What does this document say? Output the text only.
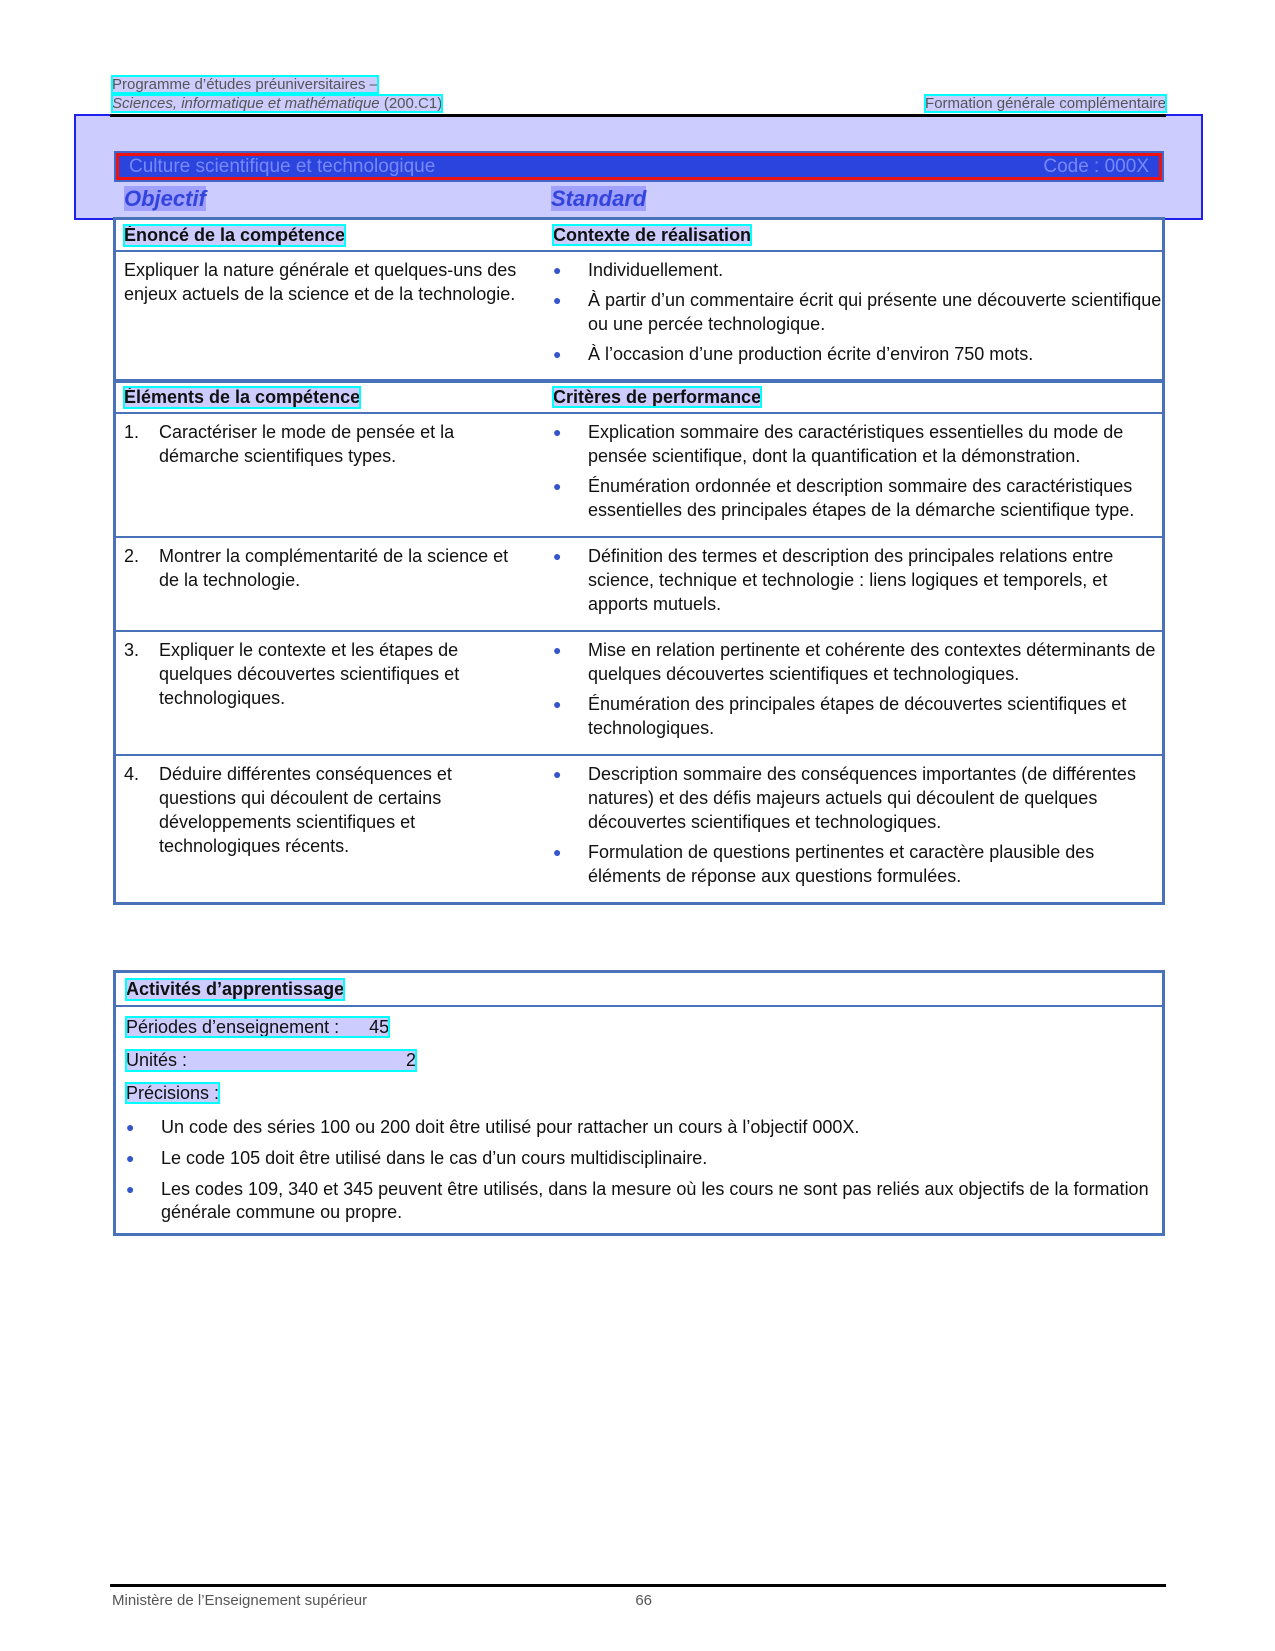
Programme d’études préuniversitaires –
Sciences, informatique et mathématique (200.C1)	Formation générale complémentaire
Culture scientifique et technologique	Code : 000X
Objectif	Standard
Énoncé de la compétence	Contexte de réalisation
Expliquer la nature générale et quelques-uns des enjeux actuels de la science et de la technologie.
●	Individuellement.
●	À partir d’un commentaire écrit qui présente une découverte scientifique ou une percée technologique.
●	À l’occasion d’une production écrite d’environ 750 mots.
Éléments de la compétence	Critères de performance
1.	Caractériser le mode de pensée et la démarche scientifiques types.
●	Explication sommaire des caractéristiques essentielles du mode de pensée scientifique, dont la quantification et la démonstration.
●	Énumération ordonnée et description sommaire des caractéristiques essentielles des principales étapes de la démarche scientifique type.
2.	Montrer la complémentarité de la science et de la technologie.
●	Définition des termes et description des principales relations entre science, technique et technologie : liens logiques et temporels, et apports mutuels.
3.	Expliquer le contexte et les étapes de quelques découvertes scientifiques et technologiques.
●	Mise en relation pertinente et cohérente des contextes déterminants de quelques découvertes scientifiques et technologiques.
●	Énumération des principales étapes de découvertes scientifiques et technologiques.
4.	Déduire différentes conséquences et questions qui découlent de certains développements scientifiques et technologiques récents.
●	Description sommaire des conséquences importantes (de différentes natures) et des défis majeurs actuels qui découlent de quelques découvertes scientifiques et technologiques.
●	Formulation de questions pertinentes et caractère plausible des éléments de réponse aux questions formulées.
Activités d’apprentissage

Périodes d’enseignement : 45

Unités :	2

Précisions :

●	Un code des séries 100 ou 200 doit être utilisé pour rattacher un cours à l’objectif 000X.
●	Le code 105 doit être utilisé dans le cas d’un cours multidisciplinaire.
●	Les codes 109, 340 et 345 peuvent être utilisés, dans la mesure où les cours ne sont pas reliés aux objectifs de la formation générale commune ou propre.
Ministère de l’Enseignement supérieur	66
